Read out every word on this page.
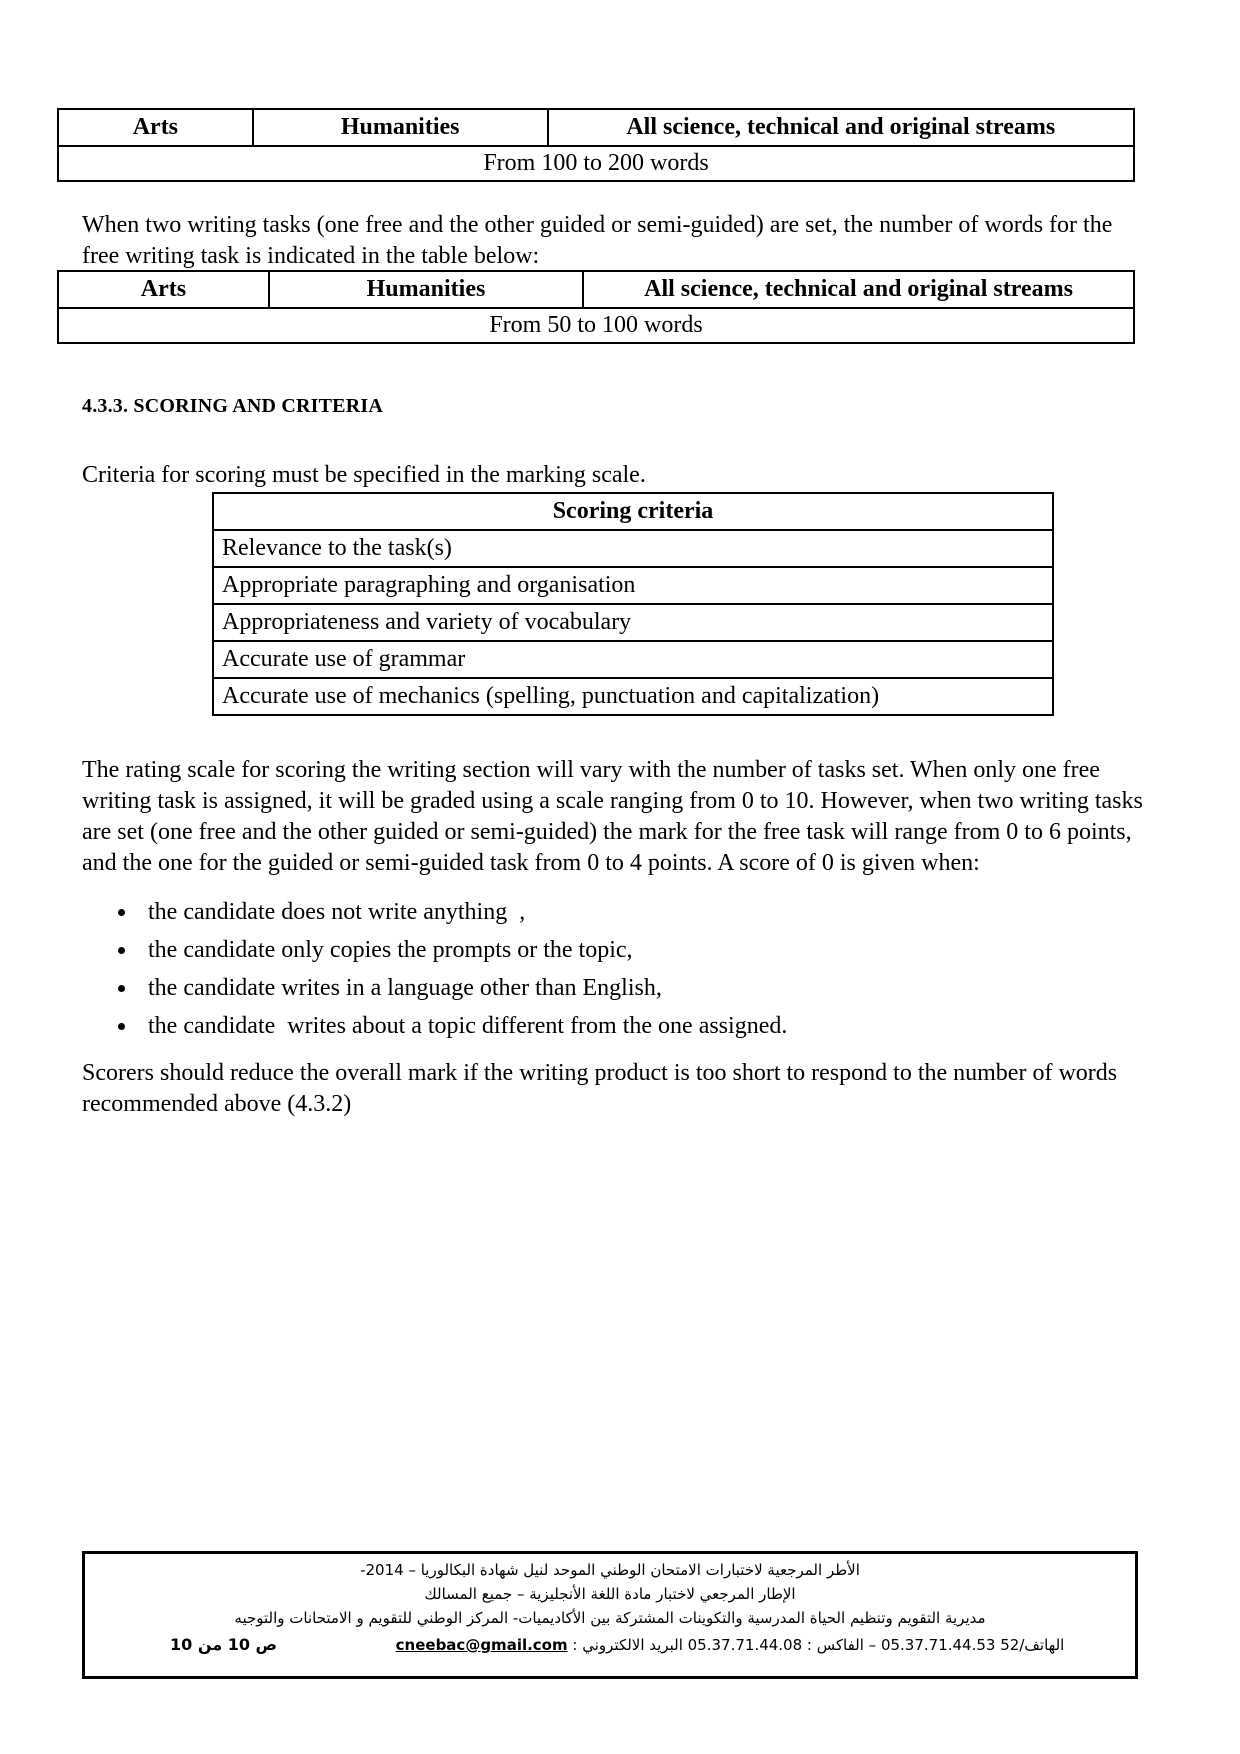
Arts	Humanities	All science, technical and original streams
From 100 to 200 words

When two writing tasks (one free and the other guided or semi-guided) are set, the number of words for the free writing task is indicated in the table below:

Arts	Humanities	All science, technical and original streams
From 50 to 100 words
4.3.3. SCORING AND CRITERIA

Criteria for scoring must be specified in the marking scale.

Scoring criteria
Relevance to the task(s)
Appropriate paragraphing and organisation
Appropriateness and variety of vocabulary
Accurate use of grammar
Accurate use of mechanics (spelling, punctuation and capitalization)

The rating scale for scoring the writing section will vary with the number of tasks set. When only one free writing task is assigned, it will be graded using a scale ranging from 0 to 10. However, when two writing tasks are set (one free and the other guided or semi-guided) the mark for the free task will range from 0 to 6 points, and the one for the guided or semi-guided task from 0 to 4 points. A score of 0 is given when:

• the candidate does not write anything  ,
• the candidate only copies the prompts or the topic,
• the candidate writes in a language other than English,
• the candidate  writes about a topic different from the one assigned.

Scorers should reduce the overall mark if the writing product is too short to respond to the number of words recommended above (4.3.2)

الأطر المرجعية لاختبارات الامتحان الوطني الموحد لنيل شهادة البكالوريا – 2014-
الإطار المرجعي لاختبار مادة اللغة الأنجليزية – جميع المسالك
مديرية التقويم وتنظيم الحياة المدرسية والتكوينات المشتركة بين الأكاديميات- المركز الوطني للتقويم و الامتحانات والتوجيه
ص 10 من 10	الهاتف/52 05.37.71.44.53 – الفاكس : 05.37.71.44.08 البريد الالكتروني : cneebac@gmail.com
